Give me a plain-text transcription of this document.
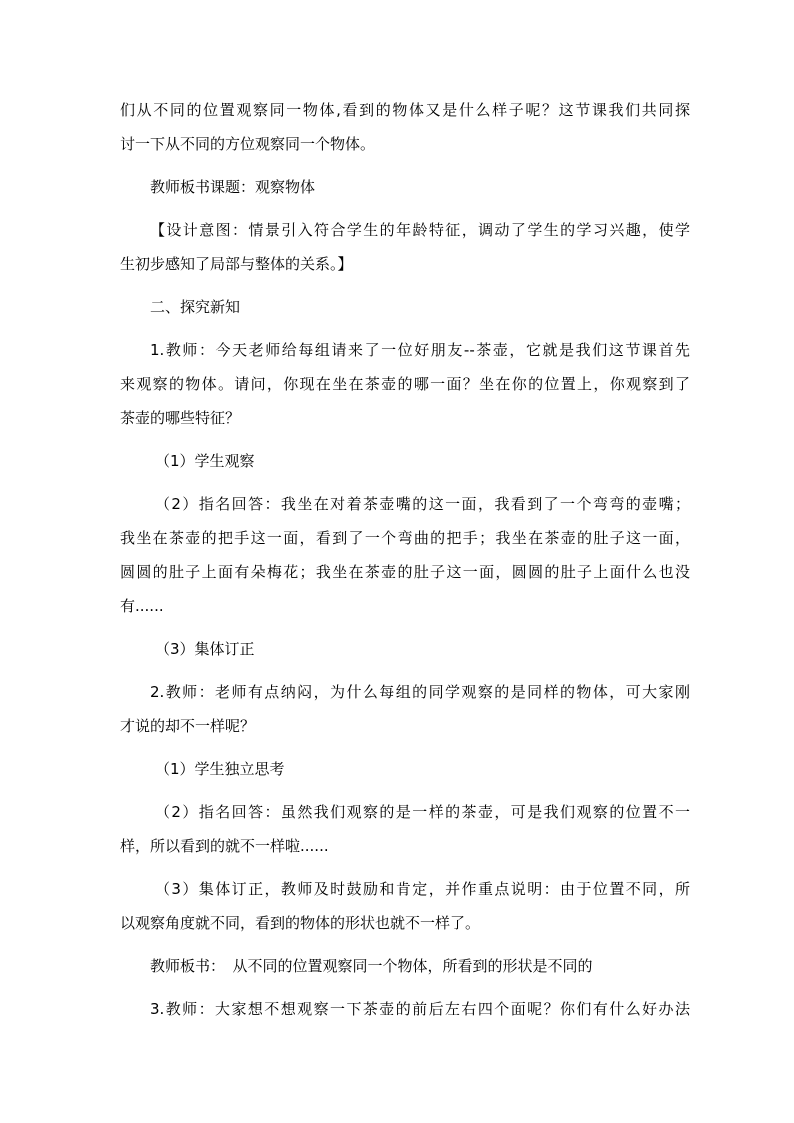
们从不同的位置观察同一物体,看到的物体又是什么样子呢？这节课我们共同探

讨一下从不同的方位观察同一个物体。

教师板书课题：观察物体

【设计意图：情景引入符合学生的年龄特征，调动了学生的学习兴趣，使学

生初步感知了局部与整体的关系。】

二、探究新知

1.教师：今天老师给每组请来了一位好朋友--茶壶，它就是我们这节课首先

来观察的物体。请问，你现在坐在茶壶的哪一面？坐在你的位置上，你观察到了

茶壶的哪些特征？

（1）学生观察

（2）指名回答：我坐在对着茶壶嘴的这一面，我看到了一个弯弯的壶嘴；

我坐在茶壶的把手这一面，看到了一个弯曲的把手；我坐在茶壶的肚子这一面，

圆圆的肚子上面有朵梅花；我坐在茶壶的肚子这一面，圆圆的肚子上面什么也没

有......

（3）集体订正

2.教师：老师有点纳闷，为什么每组的同学观察的是同样的物体，可大家刚

才说的却不一样呢？

（1）学生独立思考

（2）指名回答：虽然我们观察的是一样的茶壶，可是我们观察的位置不一

样，所以看到的就不一样啦......

（3）集体订正，教师及时鼓励和肯定，并作重点说明：由于位置不同，所

以观察角度就不同，看到的物体的形状也就不一样了。

教师板书：　从不同的位置观察同一个物体，所看到的形状是不同的

3.教师：大家想不想观察一下茶壶的前后左右四个面呢？你们有什么好办法
